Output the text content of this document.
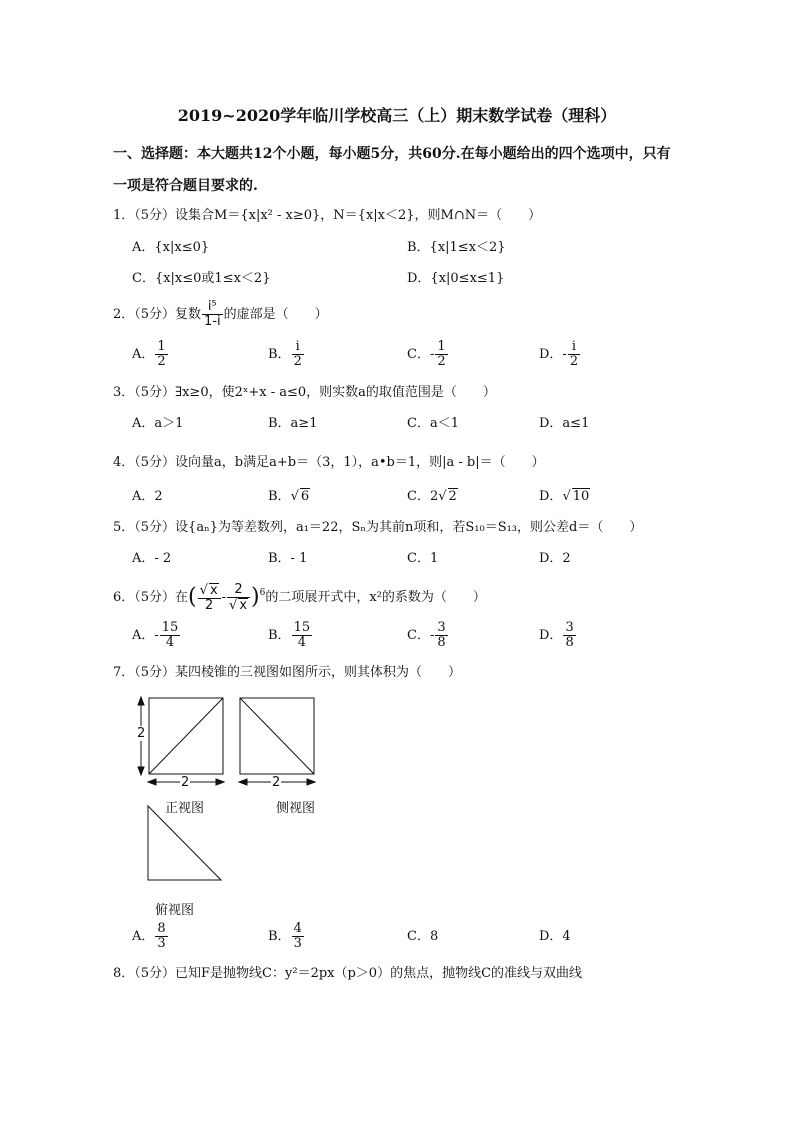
2019~2020学年临川学校高三（上）期末数学试卷（理科）
一、选择题：本大题共12个小题，每小题5分，共60分.在每小题给出的四个选项中，只有
一项是符合题目要求的.
1．（5分）设集合M＝{x|x² - x≥0}，N＝{x|x＜2}，则M∩N＝（　　）
A．{x|x≤0}	B．{x|1≤x＜2}
C．{x|x≤0或1≤x＜2}	D．{x|0≤x≤1}
2．（5分）复数 $\frac{\text{i⁵}}{1-i}$ 的虚部是（　　）
A． $\frac{1}{2}$	B． $\frac{i}{2}$	C．- $\frac{1}{2}$	D．- $\frac{i}{2}$
3．（5分）∃x≥0，使2ˣ+x - a≤0，则实数a的取值范围是（　　）
A．a＞1	B．a≥1	C．a＜1	D．a≤1
4．（5分）设向量a，b满足a+b＝（3，1），a•b＝1，则|a - b|＝（　　）
A．2	B．√ 6	C．2√ 2	D．√ 10
5．（5分）设{aₙ}为等差数列，a₁＝22，Sₙ为其前n项和，若S₁₀＝S₁₃，则公差d＝（　　）
A．- 2	B．- 1	C．1	D．2
6．（5分）在( $\frac{√ x}{2} - \frac{2}{√ x} )^6$的二项展开式中，x²的系数为（　　）
A．- $\frac{15}{4}$	B． $\frac{15}{4}$	C．- $\frac{3}{8}$	D． $\frac{3}{8}$
7．（5分）某四棱锥的三视图如图所示，则其体积为（　　）
2
2	2
正视图	侧视图
俯视图
A． $\frac{8}{3}$	B． $\frac{4}{3}$	C．8	D．4
8．（5分）已知F是抛物线C：y²＝2px（p＞0）的焦点，抛物线C的准线与双曲线
